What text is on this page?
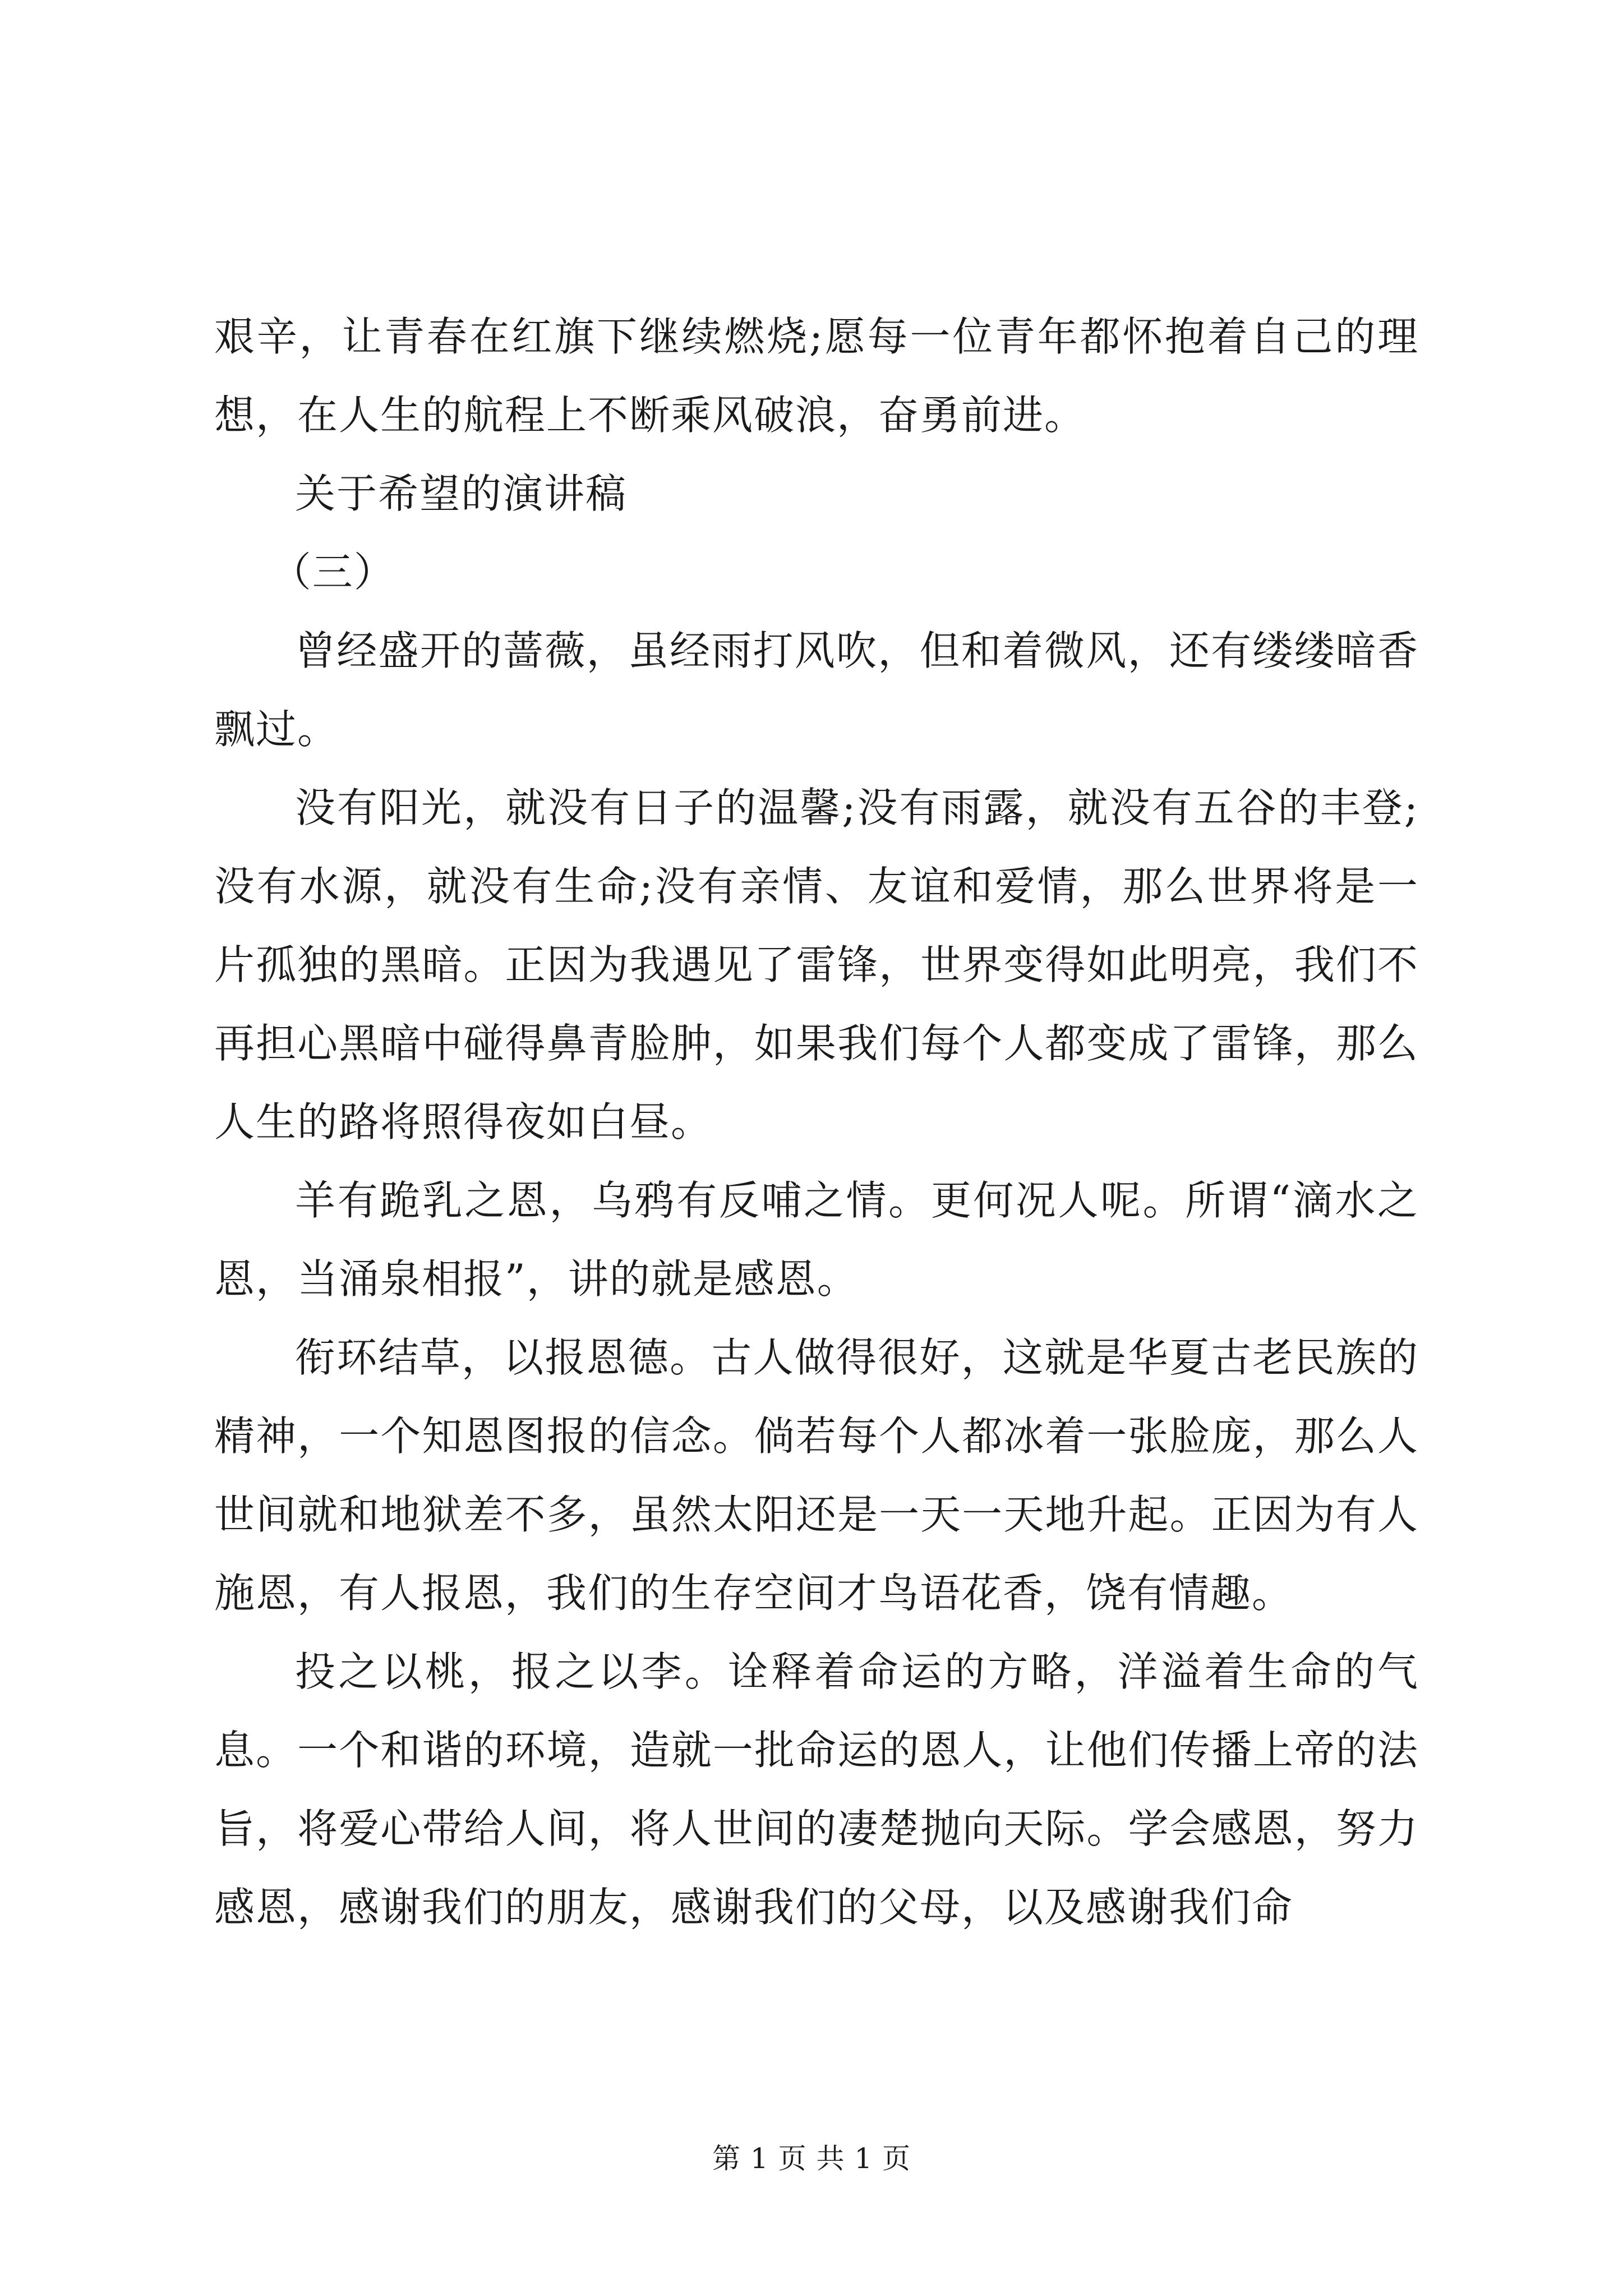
艰辛，让青春在红旗下继续燃烧;愿每一位青年都怀抱着自己的理想，在人生的航程上不断乘风破浪，奋勇前进。

关于希望的演讲稿

（三）

曾经盛开的蔷薇，虽经雨打风吹，但和着微风，还有缕缕暗香飘过。

没有阳光，就没有日子的温馨;没有雨露，就没有五谷的丰登;没有水源，就没有生命;没有亲情、友谊和爱情，那么世界将是一片孤独的黑暗。正因为我遇见了雷锋，世界变得如此明亮，我们不再担心黑暗中碰得鼻青脸肿，如果我们每个人都变成了雷锋，那么人生的路将照得夜如白昼。

羊有跪乳之恩，乌鸦有反哺之情。更何况人呢。所谓“滴水之恩，当涌泉相报”，讲的就是感恩。

衔环结草，以报恩德。古人做得很好，这就是华夏古老民族的精神，一个知恩图报的信念。倘若每个人都冰着一张脸庞，那么人世间就和地狱差不多，虽然太阳还是一天一天地升起。正因为有人施恩，有人报恩，我们的生存空间才鸟语花香，饶有情趣。

投之以桃，报之以李。诠释着命运的方略，洋溢着生命的气息。一个和谐的环境，造就一批命运的恩人，让他们传播上帝的法旨，将爱心带给人间，将人世间的凄楚抛向天际。学会感恩，努力感恩，感谢我们的朋友，感谢我们的父母，以及感谢我们命

第 1 页 共 1 页
